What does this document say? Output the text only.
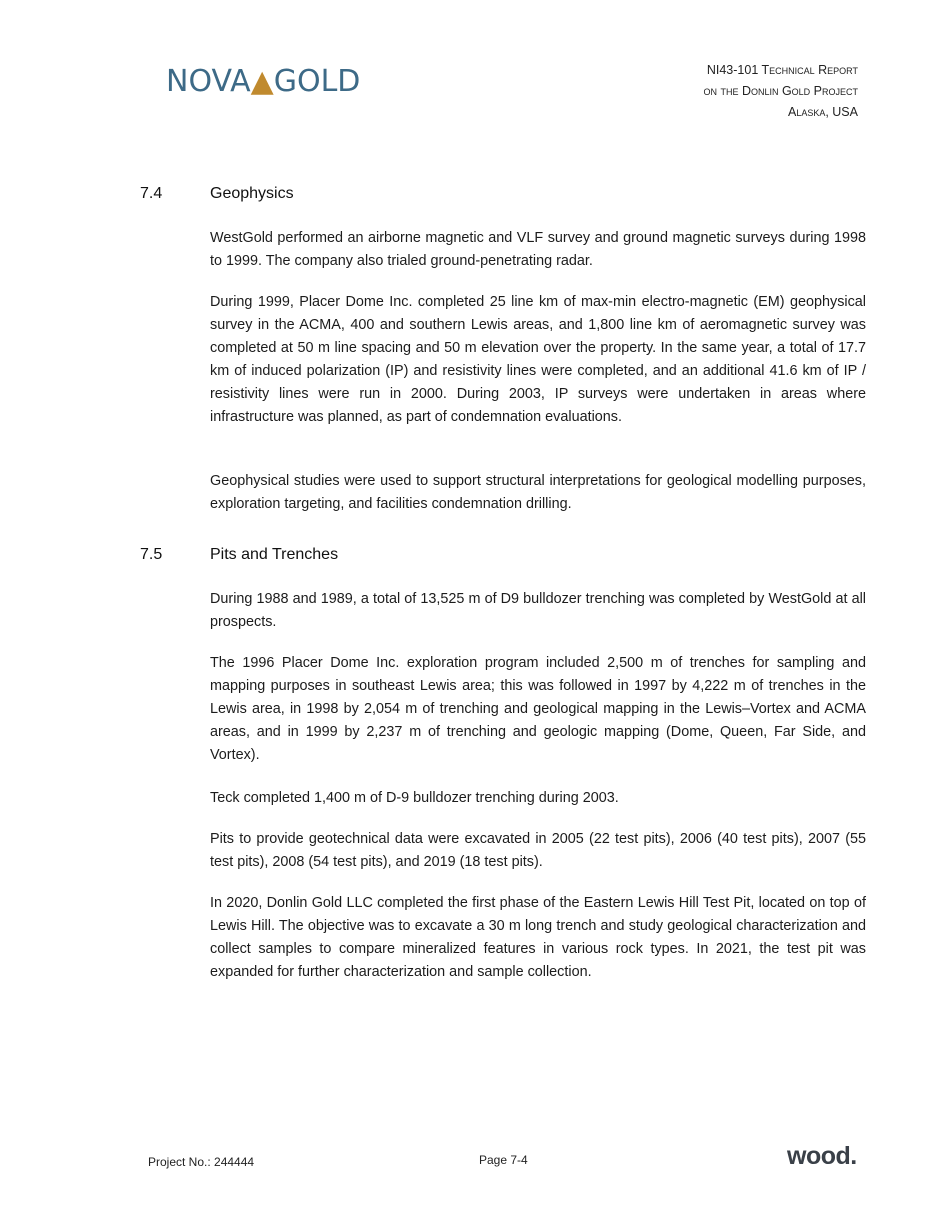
NOVA▲GOLD	NI43-101 Technical Report
on the Donlin Gold Project
Alaska, USA
7.4	Geophysics

WestGold performed an airborne magnetic and VLF survey and ground magnetic surveys during 1998 to 1999. The company also trialed ground-penetrating radar.

During 1999, Placer Dome Inc. completed 25 line km of max-min electro-magnetic (EM) geophysical survey in the ACMA, 400 and southern Lewis areas, and 1,800 line km of aeromagnetic survey was completed at 50 m line spacing and 50 m elevation over the property. In the same year, a total of 17.7 km of induced polarization (IP) and resistivity lines were completed, and an additional 41.6 km of IP / resistivity lines were run in 2000. During 2003, IP surveys were undertaken in areas where infrastructure was planned, as part of condemnation evaluations.

Geophysical studies were used to support structural interpretations for geological modelling purposes, exploration targeting, and facilities condemnation drilling.

7.5	Pits and Trenches

During 1988 and 1989, a total of 13,525 m of D9 bulldozer trenching was completed by WestGold at all prospects.

The 1996 Placer Dome Inc. exploration program included 2,500 m of trenches for sampling and mapping purposes in southeast Lewis area; this was followed in 1997 by 4,222 m of trenches in the Lewis area, in 1998 by 2,054 m of trenching and geological mapping in the Lewis–Vortex and ACMA areas, and in 1999 by 2,237 m of trenching and geologic mapping (Dome, Queen, Far Side, and Vortex).

Teck completed 1,400 m of D-9 bulldozer trenching during 2003.

Pits to provide geotechnical data were excavated in 2005 (22 test pits), 2006 (40 test pits), 2007 (55 test pits), 2008 (54 test pits), and 2019 (18 test pits).

In 2020, Donlin Gold LLC completed the first phase of the Eastern Lewis Hill Test Pit, located on top of Lewis Hill. The objective was to excavate a 30 m long trench and study geological characterization and collect samples to compare mineralized features in various rock types. In 2021, the test pit was expanded for further characterization and sample collection.

Project No.: 244444	Page 7-4	wood.
